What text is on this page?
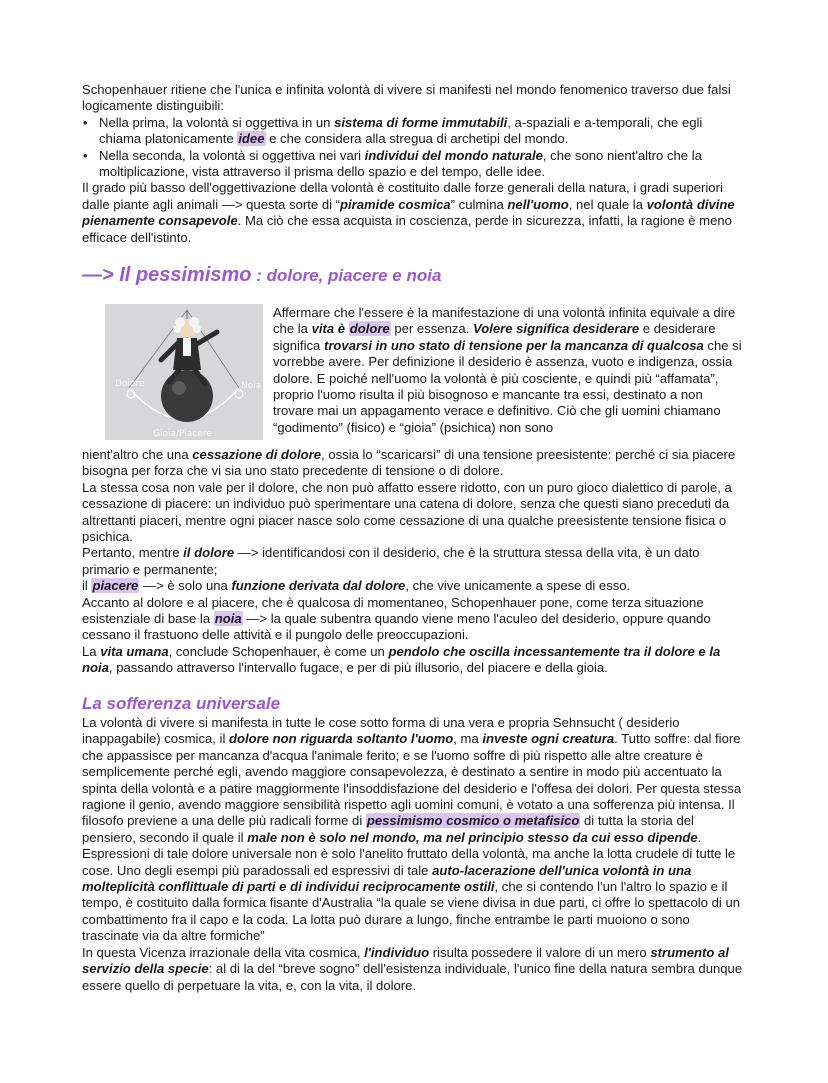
Schopenhauer ritiene che l'unica e infinita volontà di vivere si manifesti nel mondo fenomenico traverso due falsi logicamente distinguibili:

• Nella prima, la volontà si oggettiva in un sistema di forme immutabili, a-spaziali e a-temporali, che egli chiama platonicamente idee e che considera alla stregua di archetipi del mondo.
• Nella seconda, la volontà si oggettiva nei vari individui del mondo naturale, che sono nient'altro che la moltiplicazione, vista attraverso il prisma dello spazio e del tempo, delle idee.

Il grado più basso dell'oggettivazione della volontà è costituito dalle forze generali della natura, i gradi superiori dalle piante agli animali —> questa sorte di “piramide cosmica” culmina nell'uomo, nel quale la volontà divine pienamente consapevole. Ma ciò che essa acquista in coscienza, perde in sicurezza, infatti, la ragione è meno efficace dell'istinto.

—> Il pessimismo : dolore, piacere e noia
Dolore	Noia
Gioia/Piacere

Affermare che l'essere è la manifestazione di una volontà infinita equivale a dire che la vita è dolore per essenza. Volere significa desiderare e desiderare significa trovarsi in uno stato di tensione per la mancanza di qualcosa che si vorrebbe avere. Per definizione il desiderio è assenza, vuoto e indigenza, ossia dolore. E poiché nell'uomo la volontà è più cosciente, e quindi più “affamata”, proprio l'uomo risulta il più bisognoso e mancante tra essi, destinato a non trovare mai un appagamento verace e definitivo. Ciò che gli uomini chiamano “godimento” (fisico) e “gioia” (psichica) non sono

nient'altro che una cessazione di dolore, ossia lo “scaricarsi” di una tensione preesistente: perché ci sia piacere bisogna per forza che vi sia uno stato precedente di tensione o di dolore.

La stessa cosa non vale per il dolore, che non può affatto essere ridotto, con un puro gioco dialettico di parole, a cessazione di piacere: un individuo può sperimentare una catena di dolore, senza che questi siano preceduti da altrettanti piaceri, mentre ogni piacer nasce solo come cessazione di una qualche preesistente tensione fisica o psichica.

Pertanto, mentre il dolore —> identificandosi con il desiderio, che è la struttura stessa della vita, è un dato primario e permanente;

il piacere —> è solo una funzione derivata dal dolore, che vive unicamente a spese di esso.

Accanto al dolore e al piacere, che è qualcosa di momentaneo, Schopenhauer pone, come terza situazione esistenziale di base la noia —> la quale subentra quando viene meno l'aculeo del desiderio, oppure quando cessano il frastuono delle attività e il pungolo delle preoccupazioni.

La vita umana, conclude Schopenhauer, è come un pendolo che oscilla incessantemente tra il dolore e la noia, passando attraverso l'intervallo fugace, e per di più illusorio, del piacere e della gioia.

La sofferenza universale

La volontà di vivere si manifesta in tutte le cose sotto forma di una vera e propria Sehnsucht ( desiderio inappagabile) cosmica, il dolore non riguarda soltanto l'uomo, ma investe ogni creatura. Tutto soffre: dal fiore che appassisce per mancanza d'acqua l'animale ferito; e se l'uomo soffre di più rispetto alle altre creature è semplicemente perché egli, avendo maggiore consapevolezza, è destinato a sentire in modo più accentuato la spinta della volontà e a patire maggiormente l'insoddisfazione del desiderio e l'offesa dei dolori. Per questa stessa ragione il genio, avendo maggiore sensibilità rispetto agli uomini comuni, è votato a una sofferenza più intensa. Il filosofo previene a una delle più radicali forme di pessimismo cosmico o metafisico di tutta la storia del pensiero, secondo il quale il male non è solo nel mondo, ma nel principio stesso da cui esso dipende. Espressioni di tale dolore universale non è solo l'anelito fruttato della volontà, ma anche la lotta crudele di tutte le cose. Uno degli esempi più paradossali ed espressivi di tale auto-lacerazione dell'unica volontà in una molteplicità conflittuale di parti e di individui reciprocamente ostili, che si contendo l'un l'altro lo spazio e il tempo, è costituito dalla formica fisante d'Australia “la quale se viene divisa in due parti, ci offre lo spettacolo di un combattimento fra il capo e la coda. La lotta può durare a lungo, finche entrambe le parti muoiono o sono trascinate via da altre formiche”

In questa Vicenza irrazionale della vita cosmica, l'individuo risulta possedere il valore di un mero strumento al servizio della specie: al di la del “breve sogno” dell'esistenza individuale, l'unico fine della natura sembra dunque essere quello di perpetuare la vita, e, con la vita, il dolore.
